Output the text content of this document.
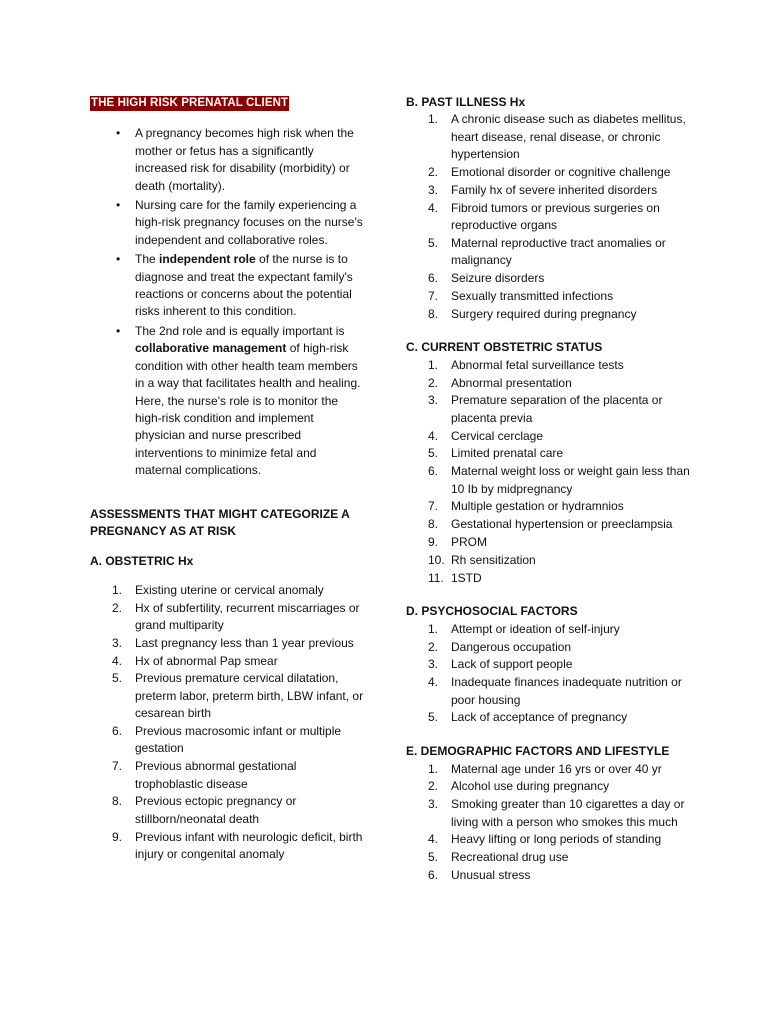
THE HIGH RISK PRENATAL CLIENT
• A pregnancy becomes high risk when the mother or fetus has a significantly increased risk for disability (morbidity) or death (mortality).
• Nursing care for the family experiencing a high-risk pregnancy focuses on the nurse's independent and collaborative roles.
• The independent role of the nurse is to diagnose and treat the expectant family's reactions or concerns about the potential risks inherent to this condition.
• The 2nd role and is equally important is collaborative management of high-risk condition with other health team members in a way that facilitates health and healing. Here, the nurse's role is to monitor the high-risk condition and implement physician and nurse prescribed interventions to minimize fetal and maternal complications.
ASSESSMENTS THAT MIGHT CATEGORIZE A PREGNANCY AS AT RISK
A. OBSTETRIC Hx
1.	Existing uterine or cervical anomaly
2.	Hx of subfertility, recurrent miscarriages or grand multiparity
3.	Last pregnancy less than 1 year previous
4.	Hx of abnormal Pap smear
5.	Previous premature cervical dilatation, preterm labor, preterm birth, LBW infant, or cesarean birth
6.	Previous macrosomic infant or multiple gestation
7.	Previous abnormal gestational trophoblastic disease
8.	Previous ectopic pregnancy or stillborn/neonatal death
9.	Previous infant with neurologic deficit, birth injury or congenital anomaly
B. PAST ILLNESS Hx
1.	A chronic disease such as diabetes mellitus, heart disease, renal disease, or chronic hypertension
2.	Emotional disorder or cognitive challenge
3.	Family hx of severe inherited disorders
4.	Fibroid tumors or previous surgeries on reproductive organs
5.	Maternal reproductive tract anomalies or malignancy
6.	Seizure disorders
7.	Sexually transmitted infections
8.	Surgery required during pregnancy
C. CURRENT OBSTETRIC STATUS
1.	Abnormal fetal surveillance tests
2.	Abnormal presentation
3.	Premature separation of the placenta or placenta previa
4.	Cervical cerclage
5.	Limited prenatal care
6.	Maternal weight loss or weight gain less than 10 Ib by midpregnancy
7.	Multiple gestation or hydramnios
8.	Gestational hypertension or preeclampsia
9.	PROM
10. Rh sensitization
11. 1STD
D. PSYCHOSOCIAL FACTORS
1.	Attempt or ideation of self-injury
2.	Dangerous occupation
3.	Lack of support people
4.	Inadequate finances inadequate nutrition or poor housing
5.	Lack of acceptance of pregnancy
E. DEMOGRAPHIC FACTORS AND LIFESTYLE
1.	Maternal age under 16 yrs or over 40 yr
2.	Alcohol use during pregnancy
3.	Smoking greater than 10 cigarettes a day or living with a person who smokes this much
4.	Heavy lifting or long periods of standing
5.	Recreational drug use
6.	Unusual stress
